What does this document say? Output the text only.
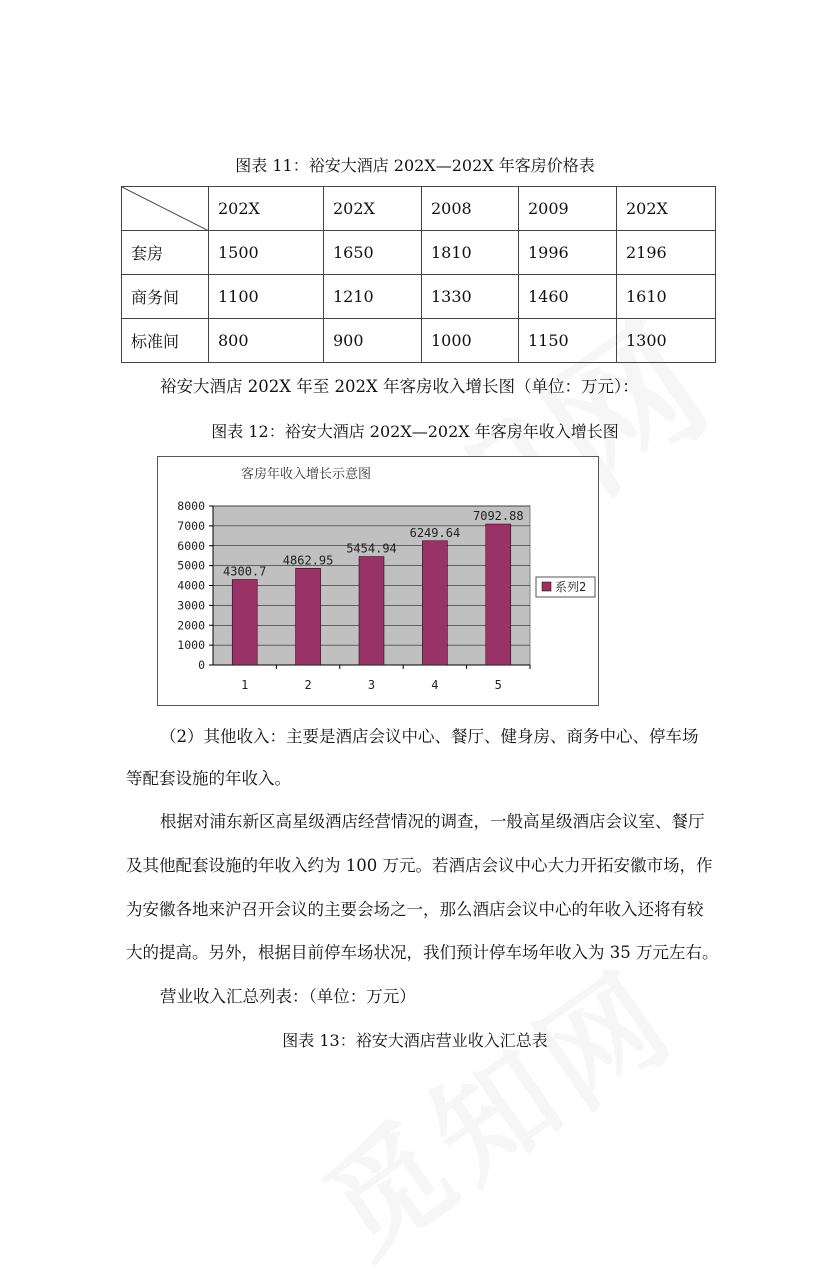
图表 11：裕安大酒店 202X—202X 年客房价格表
	202X	202X	2008	2009	202X
套房	1500	1650	1810	1996	2196
商务间	1100	1210	1330	1460	1610
标准间	800	900	1000	1150	1300
裕安大酒店 202X 年至 202X 年客房收入增长图（单位：万元）：
图表 12：裕安大酒店 202X—202X 年客房年收入增长图
客房年收入增长示意图
0
1000
2000
3000
4000
5000
6000
7000
8000
4300.7
1
4862.95
2
5454.94
3
6249.64
4
7092.88
5
系列2
（2）其他收入：主要是酒店会议中心、餐厅、健身房、商务中心、停车场
等配套设施的年收入。
根据对浦东新区高星级酒店经营情况的调查，一般高星级酒店会议室、餐厅
及其他配套设施的年收入约为 100 万元。若酒店会议中心大力开拓安徽市场，作
为安徽各地来沪召开会议的主要会场之一，那么酒店会议中心的年收入还将有较
大的提高。另外，根据目前停车场状况，我们预计停车场年收入为 35 万元左右。
营业收入汇总列表：（单位：万元）
图表 13：裕安大酒店营业收入汇总表
